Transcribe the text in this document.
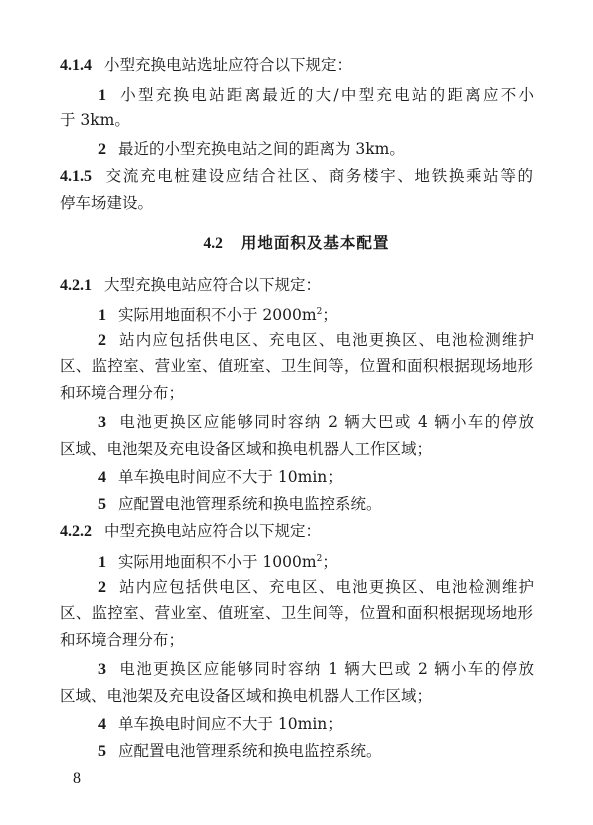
4.1.4 小型充换电站选址应符合以下规定：
1 小型充换电站距离最近的大/中型充电站的距离应不小
于 3km。
2 最近的小型充换电站之间的距离为 3km。
4.1.5 交流充电桩建设应结合社区、商务楼宇、地铁换乘站等的
停车场建设。
4.2 用地面积及基本配置
4.2.1 大型充换电站应符合以下规定：
1 实际用地面积不小于 $2000m^2$；
2 站内应包括供电区、充电区、电池更换区、电池检测维护
区、监控室、营业室、值班室、卫生间等，位置和面积根据现场地形
和环境合理分布；
3 电池更换区应能够同时容纳 2 辆大巴或 4 辆小车的停放
区域、电池架及充电设备区域和换电机器人工作区域；
4 单车换电时间应不大于 10min；
5 应配置电池管理系统和换电监控系统。
4.2.2 中型充换电站应符合以下规定：
1 实际用地面积不小于 $1000m^2$；
2 站内应包括供电区、充电区、电池更换区、电池检测维护
区、监控室、营业室、值班室、卫生间等，位置和面积根据现场地形
和环境合理分布；
3 电池更换区应能够同时容纳 1 辆大巴或 2 辆小车的停放
区域、电池架及充电设备区域和换电机器人工作区域；
4 单车换电时间应不大于 10min；
5 应配置电池管理系统和换电监控系统。
8
